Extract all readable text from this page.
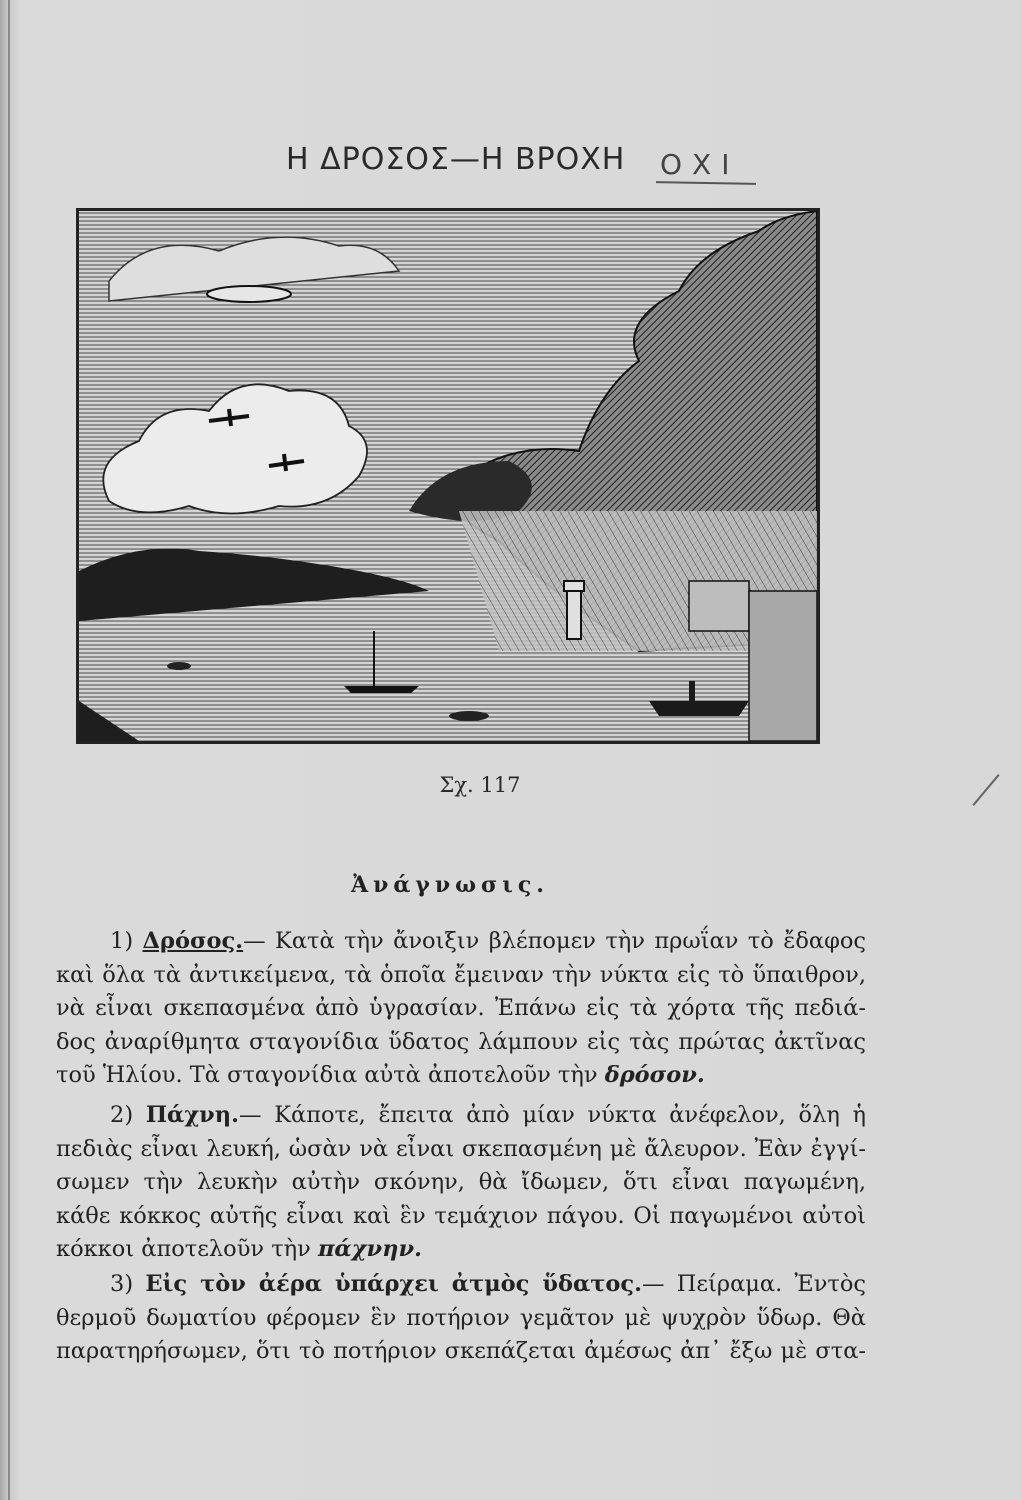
Η ΔΡΟΣΟΣ—Η ΒΡΟΧΗ ΟΧΙ
Σχ. 117
Ἀνάγνωσις.
1) Δρόσος.— Κατὰ τὴν ἄνοιξιν βλέπομεν τὴν πρωΐαν τὸ ἔδαφος
καὶ ὅλα τὰ ἀντικείμενα, τὰ ὁποῖα ἔμειναν τὴν νύκτα εἰς τὸ ὕπαιθρον,
νὰ εἶναι σκεπασμένα ἀπὸ ὑγρασίαν. Ἐπάνω εἰς τὰ χόρτα τῆς πεδιά-
δος ἀναρίθμητα σταγονίδια ὕδατος λάμπουν εἰς τὰς πρώτας ἀκτῖνας
τοῦ Ἡλίου. Τὰ σταγονίδια αὐτὰ ἀποτελοῦν τὴν δρόσον.
2) Πάχνη.— Κάποτε, ἔπειτα ἀπὸ μίαν νύκτα ἀνέφελον, ὅλη ἡ
πεδιὰς εἶναι λευκή, ὡσὰν νὰ εἶναι σκεπασμένη μὲ ἄλευρον. Ἐὰν ἐγγί-
σωμεν τὴν λευκὴν αὐτὴν σκόνην, θὰ ἴδωμεν, ὅτι εἶναι παγωμένη,
κάθε κόκκος αὐτῆς εἶναι καὶ ἓν τεμάχιον πάγου. Οἱ παγωμένοι αὐτοὶ
κόκκοι ἀποτελοῦν τὴν πάχνην.
3) Εἰς τὸν ἀέρα ὑπάρχει ἀτμὸς ὕδατος.— Πείραμα. Ἐντὸς
θερμοῦ δωματίου φέρομεν ἓν ποτήριον γεμᾶτον μὲ ψυχρὸν ὕδωρ. Θὰ
παρατηρήσωμεν, ὅτι τὸ ποτήριον σκεπάζεται ἀμέσως ἀπ᾿ ἔξω μὲ στα-
